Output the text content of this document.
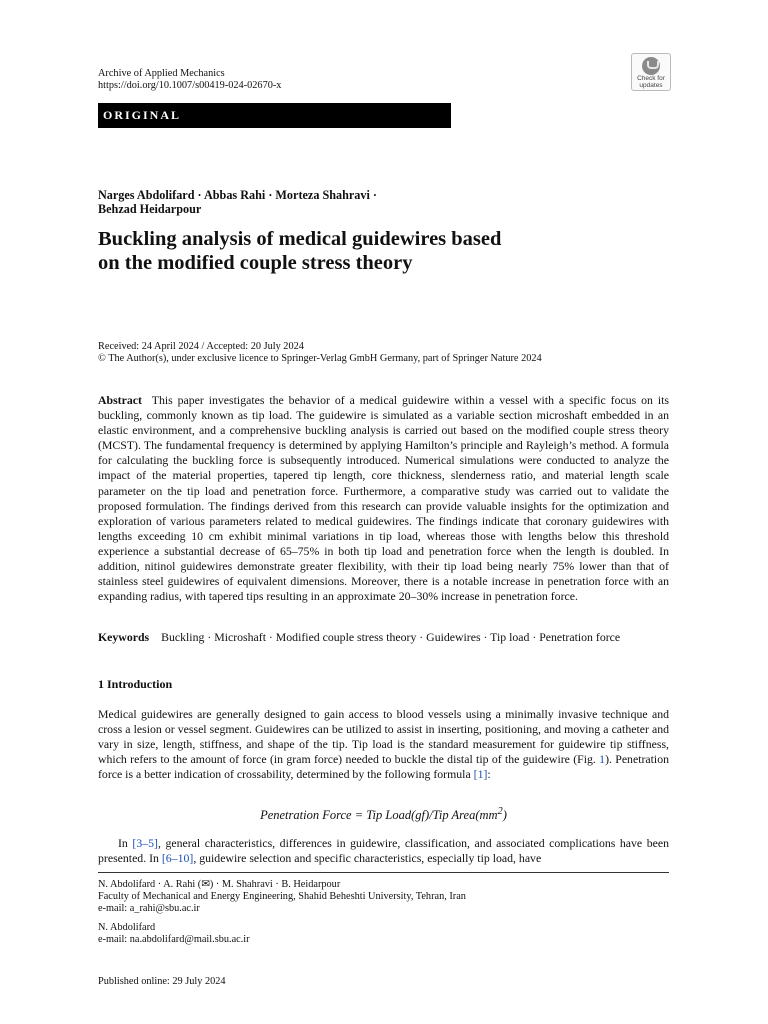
Archive of Applied Mechanics
https://doi.org/10.1007/s00419-024-02670-x
Check for
updates
ORIGINAL
Narges Abdolifard · Abbas Rahi · Morteza Shahravi ·
Behzad Heidarpour
Buckling analysis of medical guidewires based
on the modified couple stress theory
Received: 24 April 2024 / Accepted: 20 July 2024
© The Author(s), under exclusive licence to Springer-Verlag GmbH Germany, part of Springer Nature 2024
Abstract This paper investigates the behavior of a medical guidewire within a vessel with a specific focus on its buckling, commonly known as tip load. The guidewire is simulated as a variable section microshaft embedded in an elastic environment, and a comprehensive buckling analysis is carried out based on the modified couple stress theory (MCST). The fundamental frequency is determined by applying Hamilton’s principle and Rayleigh’s method. A formula for calculating the buckling force is subsequently introduced. Numerical simulations were conducted to analyze the impact of the material properties, tapered tip length, core thickness, slenderness ratio, and material length scale parameter on the tip load and penetration force. Furthermore, a comparative study was carried out to validate the proposed formulation. The findings derived from this research can provide valuable insights for the optimization and exploration of various parameters related to medical guidewires. The findings indicate that coronary guidewires with lengths exceeding 10 cm exhibit minimal variations in tip load, whereas those with lengths below this threshold experience a substantial decrease of 65–75% in both tip load and penetration force when the length is doubled. In addition, nitinol guidewires demonstrate greater flexibility, with their tip load being nearly 75% lower than that of stainless steel guidewires of equivalent dimensions. Moreover, there is a notable increase in penetration force with an expanding radius, with tapered tips resulting in an approximate 20–30% increase in penetration force.
Keywords Buckling · Microshaft · Modified couple stress theory · Guidewires · Tip load · Penetration force
1 Introduction
Medical guidewires are generally designed to gain access to blood vessels using a minimally invasive technique and cross a lesion or vessel segment. Guidewires can be utilized to assist in inserting, positioning, and moving a catheter and vary in size, length, stiffness, and shape of the tip. Tip load is the standard measurement for guidewire tip stiffness, which refers to the amount of force (in gram force) needed to buckle the distal tip of the guidewire (Fig. 1). Penetration force is a better indication of crossability, determined by the following formula [1]:
Penetration Force = Tip Load(gf)/Tip $Area(mm^2)$
In [3–5], general characteristics, differences in guidewire, classification, and associated complications have been presented. In [6–10], guidewire selection and specific characteristics, especially tip load, have
N. Abdolifard · A. Rahi (✉) · M. Shahravi · B. Heidarpour
Faculty of Mechanical and Energy Engineering, Shahid Beheshti University, Tehran, Iran
e-mail: a_rahi@sbu.ac.ir
N. Abdolifard
e-mail: na.abdolifard@mail.sbu.ac.ir
Published online: 29 July 2024
